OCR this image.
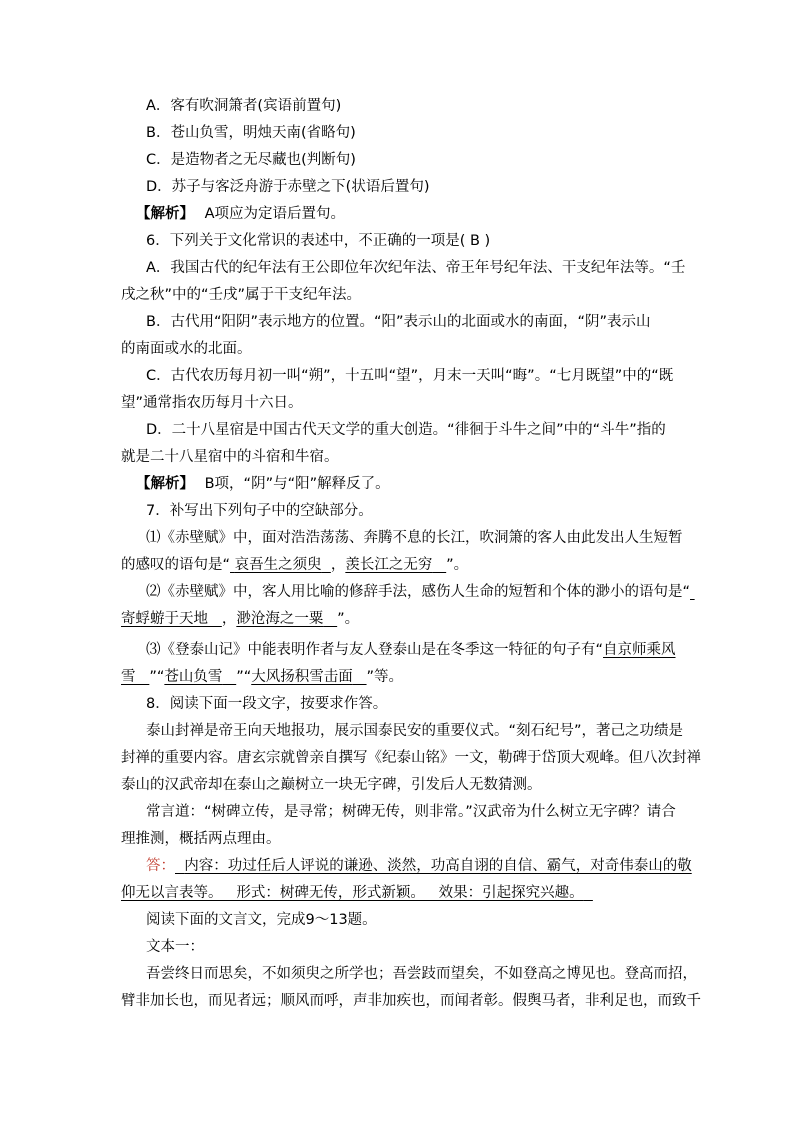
A．客有吹洞箫者(宾语前置句)
B．苍山负雪，明烛天南(省略句)
C．是造物者之无尽藏也(判断句)
D．苏子与客泛舟游于赤壁之下(状语后置句)
【解析】 A项应为定语后置句。
6．下列关于文化常识的表述中，不正确的一项是( B )
A．我国古代的纪年法有王公即位年次纪年法、帝王年号纪年法、干支纪年法等。“壬
戌之秋”中的“壬戌”属于干支纪年法。
B．古代用“阳阴”表示地方的位置。“阳”表示山的北面或水的南面，“阴”表示山
的南面或水的北面。
C．古代农历每月初一叫“朔”，十五叫“望”，月末一天叫“晦”。“七月既望”中的“既
望”通常指农历每月十六日。
D．二十八星宿是中国古代天文学的重大创造。“徘徊于斗牛之间”中的“斗牛”指的
就是二十八星宿中的斗宿和牛宿。
【解析】 B项，“阴”与“阳”解释反了。
7．补写出下列句子中的空缺部分。
⑴《赤壁赋》中，面对浩浩荡荡、奔腾不息的长江，吹洞箫的客人由此发出人生短暂
的感叹的语句是“ 哀吾生之须臾 ，羡长江之无穷 ”。
⑵《赤壁赋》中，客人用比喻的修辞手法，感伤人生命的短暂和个体的渺小的语句是“
寄蜉蝣于天地 ，渺沧海之一粟 ”。
⑶《登泰山记》中能表明作者与友人登泰山是在冬季这一特征的句子有“自京师乘风
雪 ”“苍山负雪 ”“大风扬积雪击面 ”等。
8．阅读下面一段文字，按要求作答。
泰山封禅是帝王向天地报功，展示国泰民安的重要仪式。“刻石纪号”，著己之功绩是
封禅的重要内容。唐玄宗就曾亲自撰写《纪泰山铭》一文，勒碑于岱顶大观峰。但八次封禅
泰山的汉武帝却在泰山之巅树立一块无字碑，引发后人无数猜测。
常言道：“树碑立传，是寻常；树碑无传，则非常。”汉武帝为什么树立无字碑？请合
理推测，概括两点理由。
答： 内容：功过任后人评说的谦逊、淡然，功高自诩的自信、霸气，对奇伟泰山的敬
仰无以言表等。   形式：树碑无传，形式新颖。   效果：引起探究兴趣。
阅读下面的文言文，完成9～13题。
文本一：
吾尝终日而思矣，不如须臾之所学也；吾尝跂而望矣，不如登高之博见也。登高而招，
臂非加长也，而见者远；顺风而呼，声非加疾也，而闻者彰。假舆马者，非利足也，而致千
